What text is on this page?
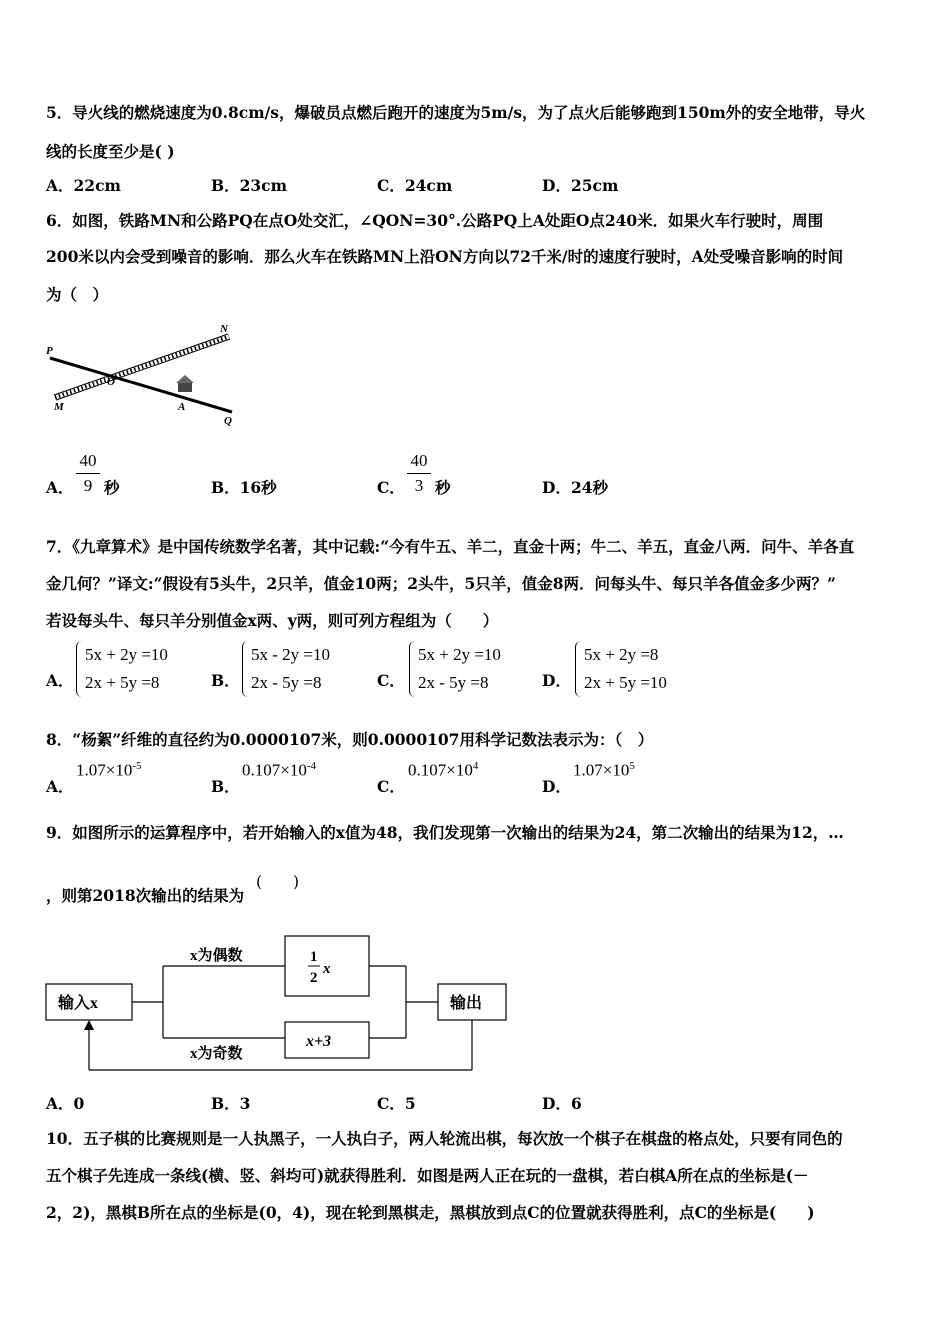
5．导火线的燃烧速度为0.8cm/s，爆破员点燃后跑开的速度为5m/s，为了点火后能够跑到150m外的安全地带，导火
线的长度至少是( )
A．22cm	B．23cm	C．24cm	D．25cm
6．如图，铁路MN和公路PQ在点O处交汇，∠QON=30°.公路PQ上A处距O点240米．如果火车行驶时，周围
200米以内会受到噪音的影响．那么火车在铁路MN上沿ON方向以72千米/时的速度行驶时，A处受噪音影响的时间
为（　）
P
N
O
M	A
Q
A．
40
9 秒	B．16秒	C．
40
3 秒	D．24秒
7．《九章算术》是中国传统数学名著，其中记载:“今有牛五、羊二，直金十两；牛二、羊五，直金八两．问牛、羊各直
金几何？”译文:“假设有5头牛，2只羊，值金10两；2头牛，5只羊，值金8两．问每头牛、每只羊各值金多少两？”
若设每头牛、每只羊分别值金x两、y两，则可列方程组为（　　）
A．
5x + 2y =10
2x + 5y =8	B．
5x - 2y =10
2x - 5y =8	C．
5x + 2y =10
2x - 5y =8	D．
5x + 2y =8
2x + 5y =10
8．“杨絮”纤维的直径约为0.0000107米，则0.0000107用科学记数法表示为：（　）
A．
$1.07\times 10^{-5}$
B．
$0.107\times 10^{-4}$
C．
$0.107\times 10^4$
D．
$1.07\times 10^5$
9．如图所示的运算程序中，若开始输入的x值为48，我们发现第一次输出的结果为24，第二次输出的结果为12，…
(　　)
，则第2018次输出的结果为
输入x
1
2
x
x+3
x为偶数
x为奇数
输出
A．0	B．3	C．5	D．6
10．五子棋的比赛规则是一人执黑子，一人执白子，两人轮流出棋，每次放一个棋子在棋盘的格点处，只要有同色的
五个棋子先连成一条线(横、竖、斜均可)就获得胜利．如图是两人正在玩的一盘棋，若白棋A所在点的坐标是(－
2，2)，黑棋B所在点的坐标是(0，4)，现在轮到黑棋走，黑棋放到点C的位置就获得胜利，点C的坐标是(　　)
